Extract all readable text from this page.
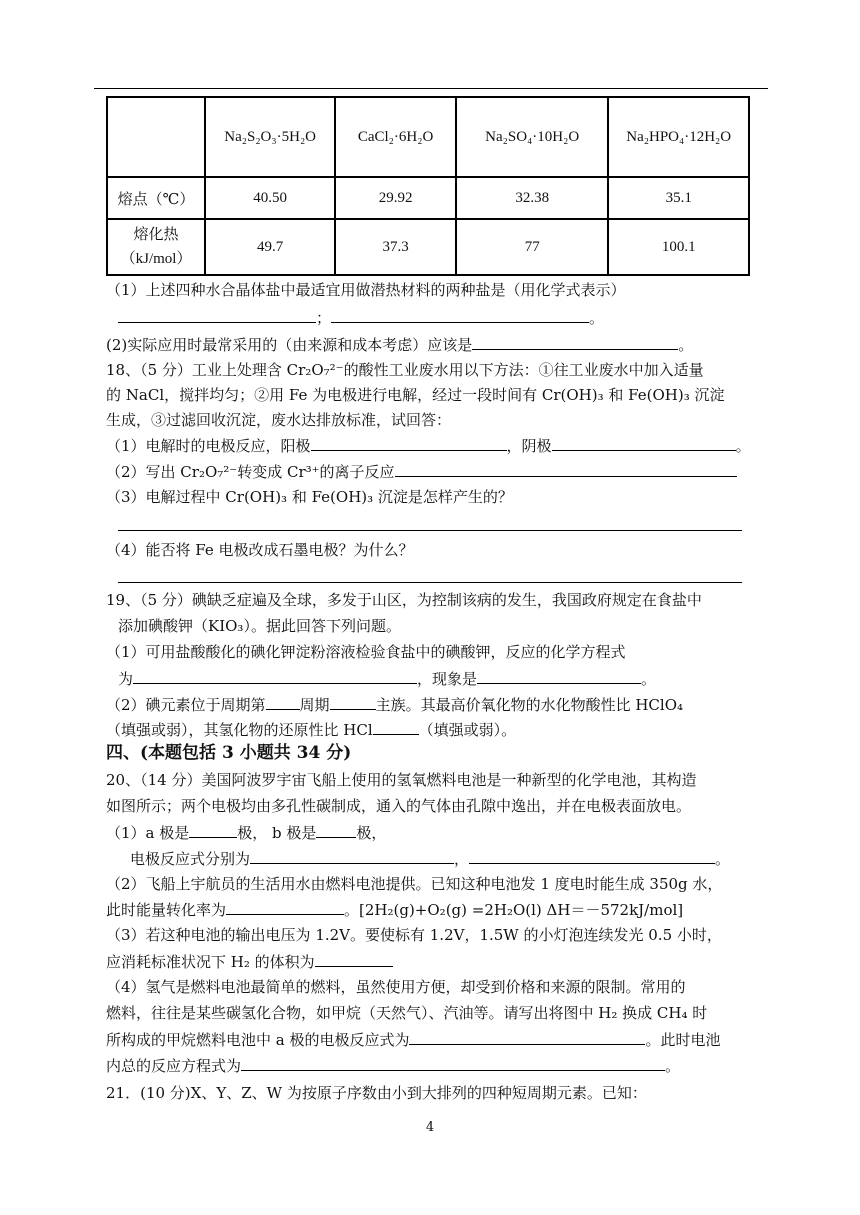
	Na₂S₂O₃·5H₂O	CaCl₂·6H₂O	Na₂SO₄·10H₂O	Na₂HPO₄·12H₂O
熔点（℃）	40.50	29.92	32.38	35.1
熔化热（kJ/mol）	49.7	37.3	77	100.1
（1）上述四种水合晶体盐中最适宜用做潜热材料的两种盐是（用化学式表示）
；	。
(2)实际应用时最常采用的（由来源和成本考虑）应该是	。
18、（5 分）工业上处理含 Cr₂O₇²⁻的酸性工业废水用以下方法：①往工业废水中加入适量
的 NaCl，搅拌均匀；②用 Fe 为电极进行电解，经过一段时间有 Cr(OH)₃ 和 Fe(OH)₃ 沉淀
生成，③过滤回收沉淀，废水达排放标准，试回答：
（1）电解时的电极反应，阳极	，阴极	。
（2）写出 Cr₂O₇²⁻转变成 Cr³⁺的离子反应
（3）电解过程中 Cr(OH)₃ 和 Fe(OH)₃ 沉淀是怎样产生的？
（4）能否将 Fe 电极改成石墨电极？为什么？
19、（5 分）碘缺乏症遍及全球，多发于山区，为控制该病的发生，我国政府规定在食盐中
添加碘酸钾（KIO₃）。据此回答下列问题。
（1）可用盐酸酸化的碘化钾淀粉溶液检验食盐中的碘酸钾，反应的化学方程式
为	，现象是	。
（2）碘元素位于周期第 周期	主族。其最高价氧化物的水化物酸性比 HClO₄
（填强或弱），其氢化物的还原性比 HCl	（填强或弱）。
四、(本题包括 3 小题共 34 分)
20、（14 分）美国阿波罗宇宙飞船上使用的氢氧燃料电池是一种新型的化学电池，其构造
如图所示；两个电极均由多孔性碳制成，通入的气体由孔隙中逸出，并在电极表面放电。
（1）a 极是	极， b 极是	极，
电极反应式分别为	，	。
（2）飞船上宇航员的生活用水由燃料电池提供。已知这种电池发 1 度电时能生成 350g 水，
此时能量转化率为	。[2H₂(g)+O₂(g) =2H₂O(l) ΔH＝－572kJ/mol]
（3）若这种电池的输出电压为 1.2V。要使标有 1.2V，1.5W 的小灯泡连续发光 0.5 小时，
应消耗标准状况下 H₂ 的体积为
（4）氢气是燃料电池最简单的燃料，虽然使用方便，却受到价格和来源的限制。常用的
燃料，往往是某些碳氢化合物，如甲烷（天然气）、汽油等。请写出将图中 H₂ 换成 CH₄ 时
所构成的甲烷燃料电池中 a 极的电极反应式为	。此时电池
内总的反应方程式为	。
21．(10 分)X、Y、Z、W 为按原子序数由小到大排列的四种短周期元素。已知：
4
